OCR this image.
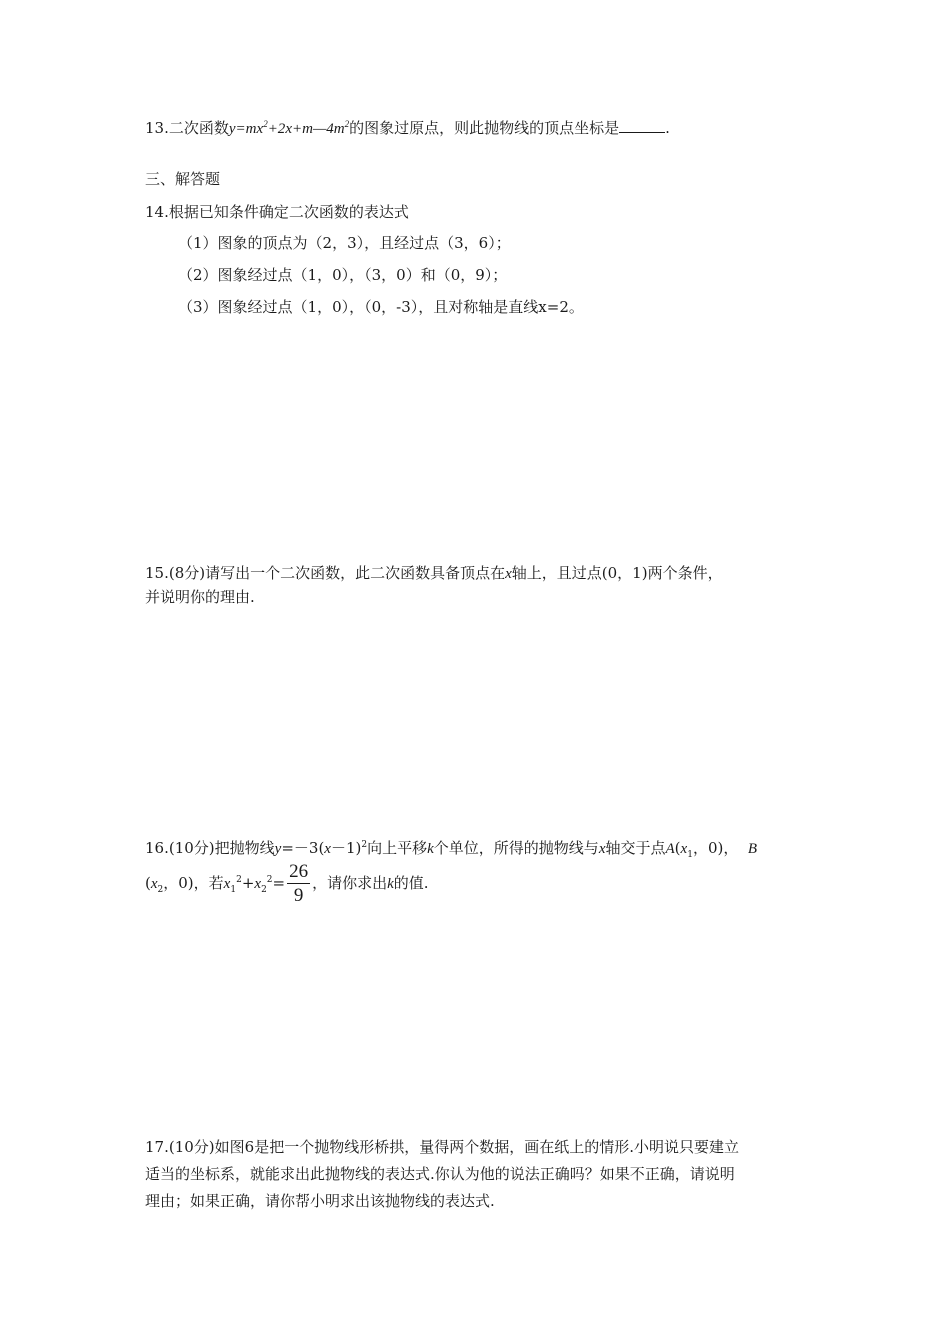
13.二次函数$y=mx^2+2x+m—4m^2$的图象过原点，则此抛物线的顶点坐标是	.
三、解答题
14.根据已知条件确定二次函数的表达式
（1）图象的顶点为（2，3），且经过点（3，6）；
（2）图象经过点（1，0），（3，0）和（0，9）；
（3）图象经过点（1，0），（0，-3），且对称轴是直线x=2。
15.(8分)请写出一个二次函数，此二次函数具备顶点在x轴上，且过点(0，1)两个条件，
并说明你的理由.
16.(10分)把抛物线$y=-3(x-1)^2$向上平移k个单位，所得的抛物线与x轴交于点$A(x_1$，0)， B
($x_2$，0)，若$x_1^2+x_2^2= \frac{26}{9}$ ，请你求出k的值.
17.(10分)如图6是把一个抛物线形桥拱，量得两个数据，画在纸上的情形.小明说只要建立
适当的坐标系，就能求出此抛物线的表达式.你认为他的说法正确吗？如果不正确，请说明
理由；如果正确，请你帮小明求出该抛物线的表达式.
